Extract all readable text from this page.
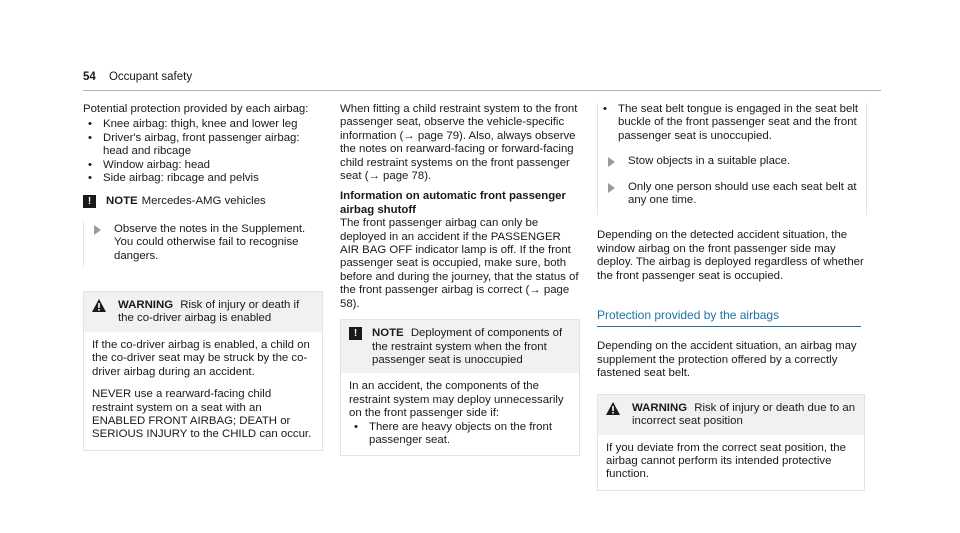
54 Occupant safety

Potential protection provided by each airbag:

• Knee airbag: thigh, knee and lower leg
• Driver's airbag, front passenger airbag: head and ribcage
• Window airbag: head
• Side airbag: ribcage and pelvis
!	NOTE Mercedes-AMG vehicles
Observe the notes in the Supplement. You could otherwise fail to recognise dangers.
WARNING Risk of injury or death if the co-driver airbag is enabled

If the co-driver airbag is enabled, a child on the co-driver seat may be struck by the co-driver airbag during an accident.

NEVER use a rearward-facing child restraint system on a seat with an ENABLED FRONT AIRBAG; DEATH or SERIOUS INJURY to the CHILD can occur.

When fitting a child restraint system to the front passenger seat, observe the vehicle-specific information (→ page 79). Also, always observe the notes on rearward-facing or forward-facing child restraint systems on the front passenger seat (→ page 78).

Information on automatic front passenger airbag shutoff

The front passenger airbag can only be deployed in an accident if the PASSENGER AIR BAG OFF indicator lamp is off. If the front passenger seat is occupied, make sure, both before and during the journey, that the status of the front passenger airbag is correct (→ page 58).

!	NOTE Deployment of components of the restraint system when the front passenger seat is unoccupied

In an accident, the components of the restraint system may deploy unnecessarily on the front passenger side if:

• There are heavy objects on the front passenger seat.
• The seat belt tongue is engaged in the seat belt buckle of the front passenger seat and the front passenger seat is unoccupied.
Stow objects in a suitable place.
Only one person should use each seat belt at any one time.

Depending on the detected accident situation, the window airbag on the front passenger side may deploy. The airbag is deployed regardless of whether the front passenger seat is occupied.

Protection provided by the airbags

Depending on the accident situation, an airbag may supplement the protection offered by a correctly fastened seat belt.

WARNING Risk of injury or death due to an incorrect seat position

If you deviate from the correct seat position, the airbag cannot perform its intended protective function.
